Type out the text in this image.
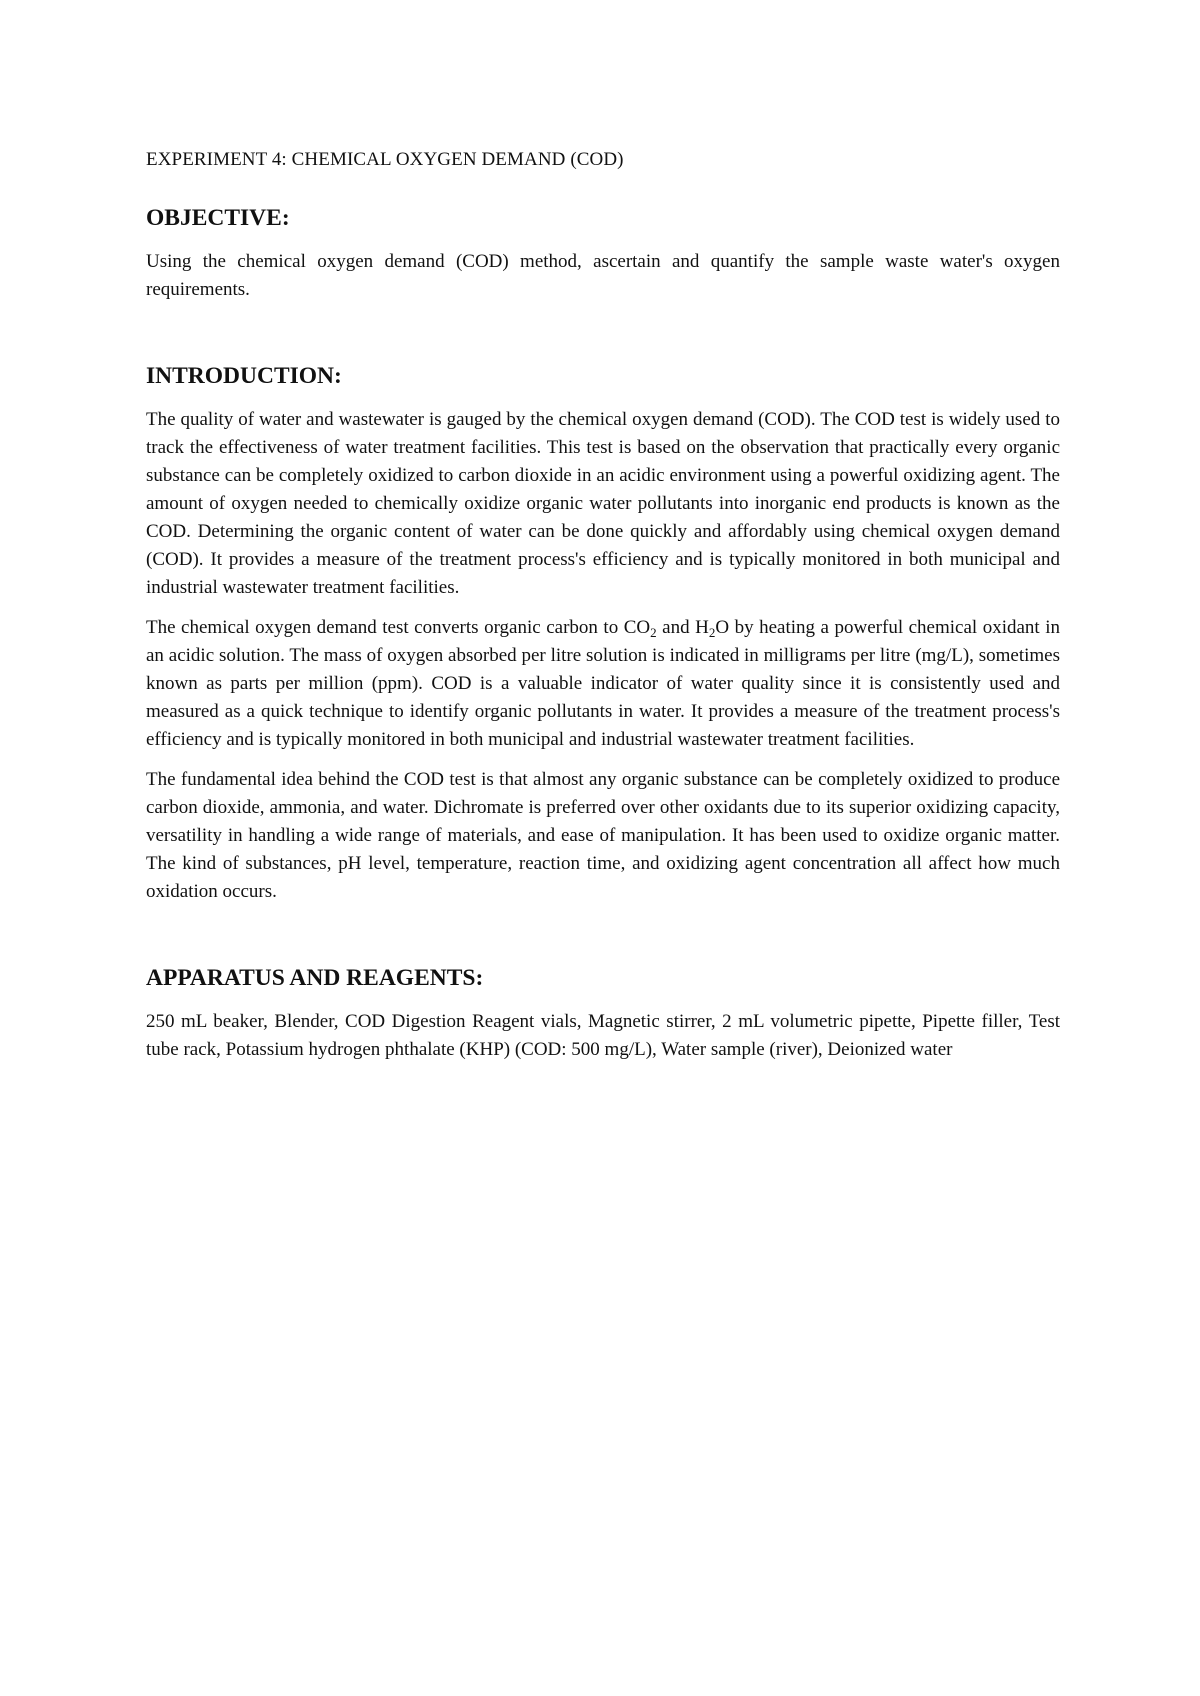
EXPERIMENT 4: CHEMICAL OXYGEN DEMAND (COD)
OBJECTIVE:

Using the chemical oxygen demand (COD) method, ascertain and quantify the sample waste water's oxygen requirements.

INTRODUCTION:

The quality of water and wastewater is gauged by the chemical oxygen demand (COD). The COD test is widely used to track the effectiveness of water treatment facilities. This test is based on the observation that practically every organic substance can be completely oxidized to carbon dioxide in an acidic environment using a powerful oxidizing agent. The amount of oxygen needed to chemically oxidize organic water pollutants into inorganic end products is known as the COD. Determining the organic content of water can be done quickly and affordably using chemical oxygen demand (COD). It provides a measure of the treatment process's efficiency and is typically monitored in both municipal and industrial wastewater treatment facilities.

The chemical oxygen demand test converts organic carbon to $CO_2$ and $H_2O$ by heating a powerful chemical oxidant in an acidic solution. The mass of oxygen absorbed per litre solution is indicated in milligrams per litre (mg/L), sometimes known as parts per million (ppm). COD is a valuable indicator of water quality since it is consistently used and measured as a quick technique to identify organic pollutants in water. It provides a measure of the treatment process's efficiency and is typically monitored in both municipal and industrial wastewater treatment facilities.

The fundamental idea behind the COD test is that almost any organic substance can be completely oxidized to produce carbon dioxide, ammonia, and water. Dichromate is preferred over other oxidants due to its superior oxidizing capacity, versatility in handling a wide range of materials, and ease of manipulation. It has been used to oxidize organic matter. The kind of substances, pH level, temperature, reaction time, and oxidizing agent concentration all affect how much oxidation occurs.

APPARATUS AND REAGENTS:

250 mL beaker, Blender, COD Digestion Reagent vials, Magnetic stirrer, 2 mL volumetric pipette, Pipette filler, Test tube rack, Potassium hydrogen phthalate (KHP) (COD: 500 mg/L), Water sample (river), Deionized water
